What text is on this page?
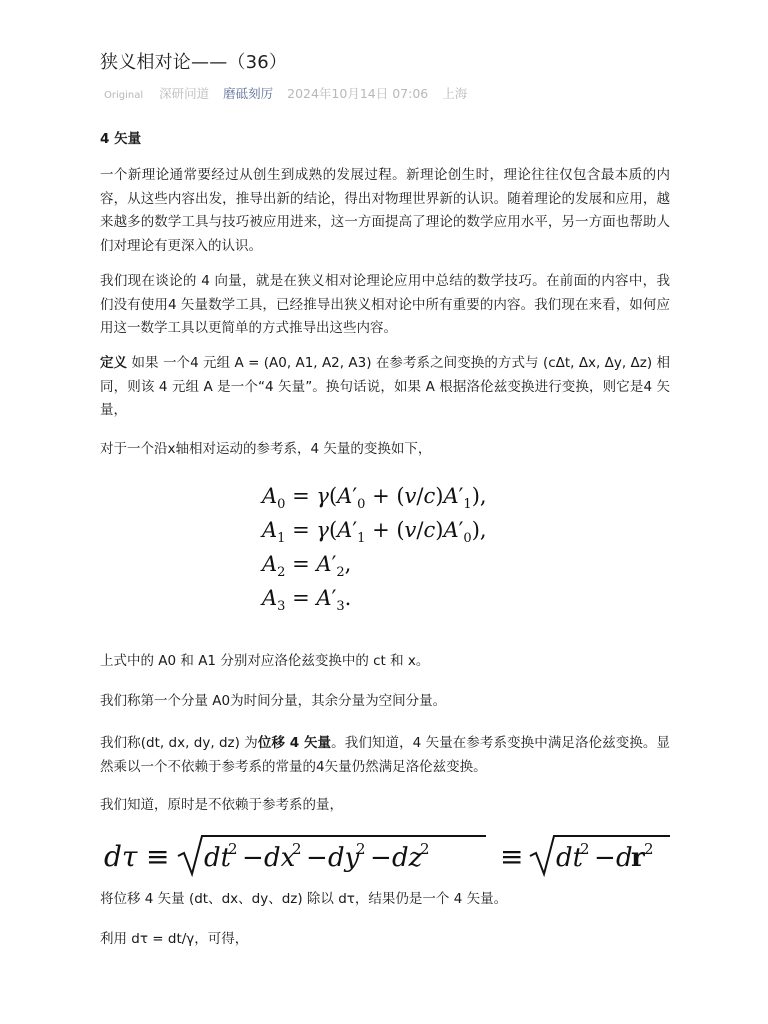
狭义相对论——（36）
Original 深研问道 磨砥刻厉 2024年10月14日 07:06 上海
4 矢量
一个新理论通常要经过从创生到成熟的发展过程。新理论创生时，理论往往仅包含最本质的内容，从这些内容出发，推导出新的结论，得出对物理世界新的认识。随着理论的发展和应用，越来越多的数学工具与技巧被应用进来，这一方面提高了理论的数学应用水平，另一方面也帮助人们对理论有更深入的认识。
我们现在谈论的 4 向量，就是在狭义相对论理论应用中总结的数学技巧。在前面的内容中，我们没有使用4 矢量数学工具，已经推导出狭义相对论中所有重要的内容。我们现在来看，如何应用这一数学工具以更简单的方式推导出这些内容。
定义 如果 一个4 元组 A = (A0, A1, A2, A3) 在参考系之间变换的方式与 (cΔt, Δx, Δy, Δz) 相同，则该 4 元组 A 是一个“4 矢量”。换句话说，如果 A 根据洛伦兹变换进行变换，则它是4 矢量，
对于一个沿x轴相对运动的参考系，4 矢量的变换如下，
$A_0 = \gamma(A'_0 + (v/c)A'_1)$,
$A_1 = \gamma(A'_1 + (v/c)A'_0)$,
$A_2 = A'_2$,
$A_3 = A'_3$.
上式中的 A0 和 A1 分别对应洛伦兹变换中的 ct 和 x。
我们称第一个分量 A0为时间分量，其余分量为空间分量。
我们称(dt, dx, dy, dz) 为位移 4 矢量。我们知道，4 矢量在参考系变换中满足洛伦兹变换。显然乘以一个不依赖于参考系的常量的4矢量仍然满足洛伦兹变换。
我们知道，原时是不依赖于参考系的量，
dτ ≡ dt
2 − dx
2 − dy
2 − dz
2	≡ dt
2 − d
r 2
将位移 4 矢量 (dt、dx、dy、dz) 除以 dτ，结果仍是一个 4 矢量。
利用 dτ = dt/γ，可得，
